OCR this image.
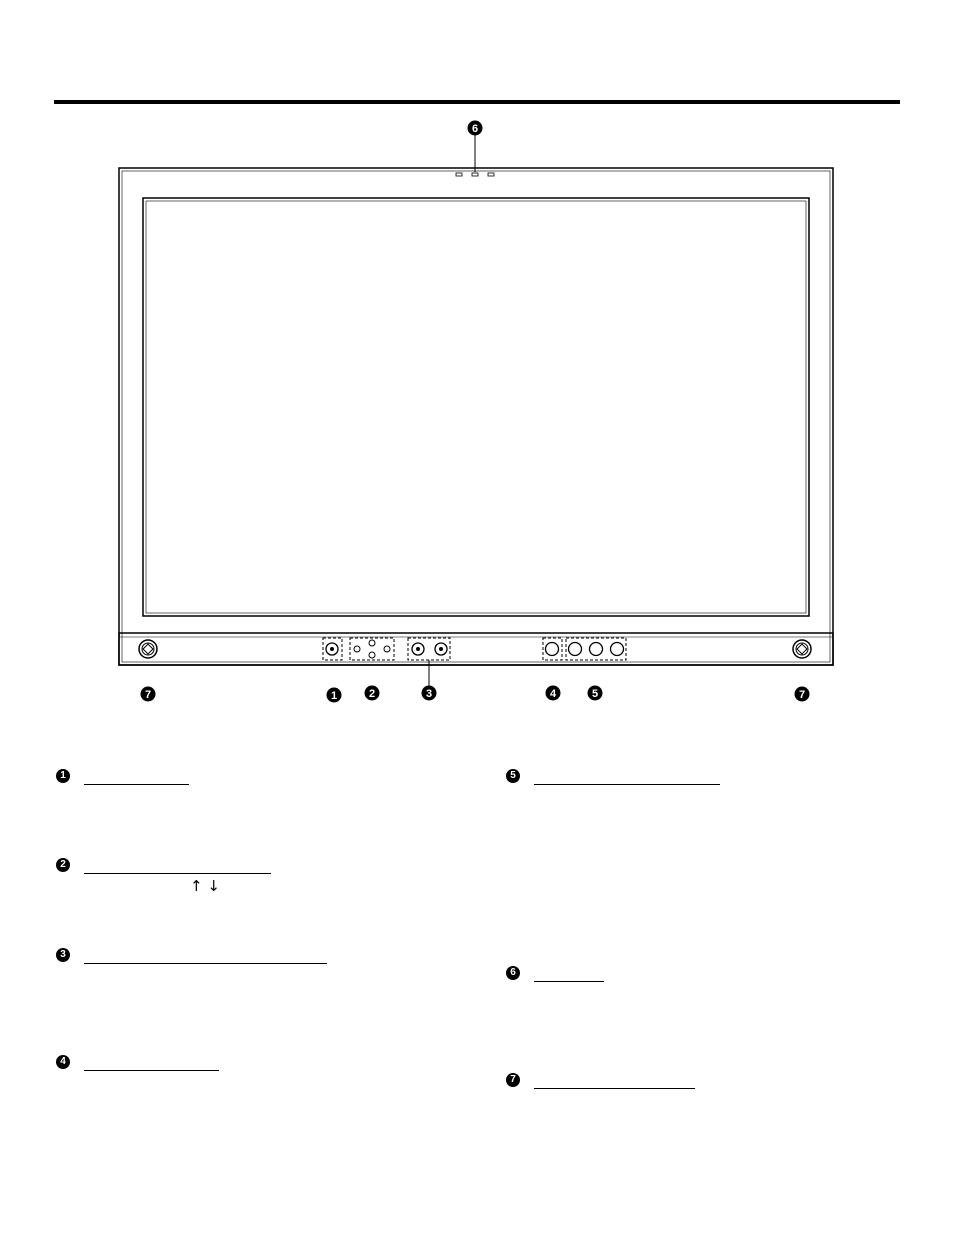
6
7	1	2	3	4	5	7
1
2
↑ ↓
3
4
5
6
7
